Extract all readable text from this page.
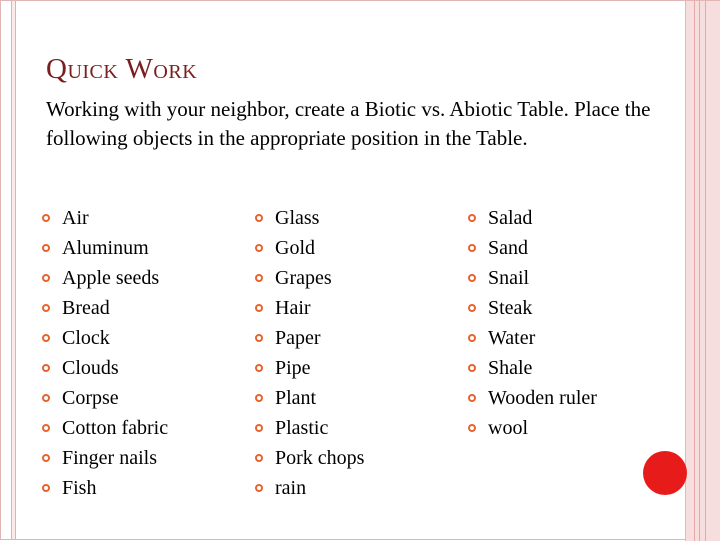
Quick Work

Working with your neighbor, create a Biotic vs. Abiotic Table. Place the following objects in the appropriate position in the Table.

Air
Aluminum
Apple seeds
Bread
Clock
Clouds
Corpse
Cotton fabric
Finger nails
Fish
Glass
Gold
Grapes
Hair
Paper
Pipe
Plant
Plastic
Pork chops
rain
Salad
Sand
Snail
Steak
Water
Shale
Wooden ruler
wool
